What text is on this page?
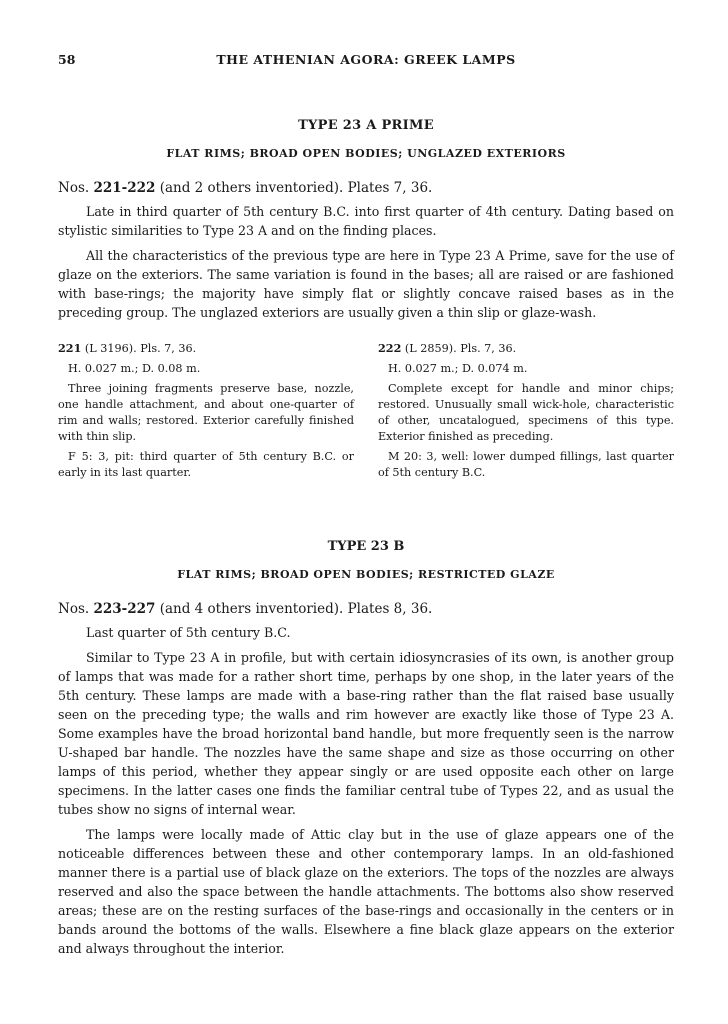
58	THE ATHENIAN AGORA: GREEK LAMPS
TYPE 23 A PRIME
FLAT RIMS; BROAD OPEN BODIES; UNGLAZED EXTERIORS
Nos. 221-222 (and 2 others inventoried). Plates 7, 36.

Late in third quarter of 5th century B.C. into first quarter of 4th century. Dating based on stylistic similarities to Type 23 A and on the finding places.

All the characteristics of the previous type are here in Type 23 A Prime, save for the use of glaze on the exteriors. The same variation is found in the bases; all are raised or are fashioned with base-rings; the majority have simply flat or slightly concave raised bases as in the preceding group. The unglazed exteriors are usually given a thin slip or glaze-wash.

221 (L 3196). Pls. 7, 36.

H. 0.027 m.; D. 0.08 m.

Three joining fragments preserve base, nozzle, one handle attachment, and about one-quarter of rim and walls; restored. Exterior carefully finished with thin slip.

F 5: 3, pit: third quarter of 5th century B.C. or early in its last quarter.

222 (L 2859). Pls. 7, 36.

H. 0.027 m.; D. 0.074 m.

Complete except for handle and minor chips; restored. Unusually small wick-hole, characteristic of other, uncatalogued, specimens of this type. Exterior finished as preceding.

M 20: 3, well: lower dumped fillings, last quarter of 5th century B.C.

TYPE 23 B
FLAT RIMS; BROAD OPEN BODIES; RESTRICTED GLAZE
Nos. 223-227 (and 4 others inventoried). Plates 8, 36.

Last quarter of 5th century B.C.

Similar to Type 23 A in profile, but with certain idiosyncrasies of its own, is another group of lamps that was made for a rather short time, perhaps by one shop, in the later years of the 5th century. These lamps are made with a base-ring rather than the flat raised base usually seen on the preceding type; the walls and rim however are exactly like those of Type 23 A. Some examples have the broad horizontal band handle, but more frequently seen is the narrow U-shaped bar handle. The nozzles have the same shape and size as those occurring on other lamps of this period, whether they appear singly or are used opposite each other on large specimens. In the latter cases one finds the familiar central tube of Types 22, and as usual the tubes show no signs of internal wear.

The lamps were locally made of Attic clay but in the use of glaze appears one of the noticeable differences between these and other contemporary lamps. In an old-fashioned manner there is a partial use of black glaze on the exteriors. The tops of the nozzles are always reserved and also the space between the handle attachments. The bottoms also show reserved areas; these are on the resting surfaces of the base-rings and occasionally in the centers or in bands around the bottoms of the walls. Elsewhere a fine black glaze appears on the exterior and always throughout the interior.
